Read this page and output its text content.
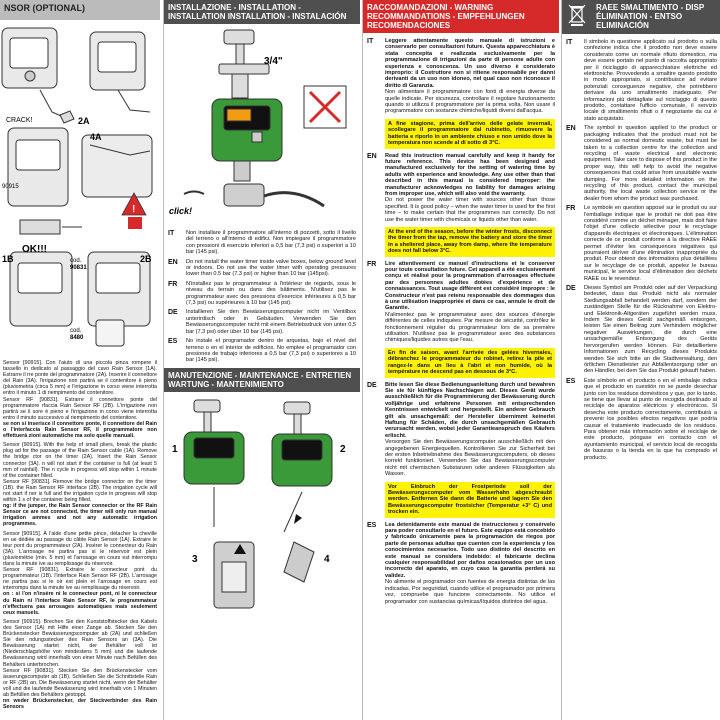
NSOR (OPTIONAL)
!
CRACK!	2A
4A
90915
OK!!!
1B	2B
cod.
90831
cod.
8480
Sensor [90915]. Con l'aiuto di una piccola pinza rompere il tassello in dedicato al passaggio del cavo Rain Sensor (1A). Estrarre il rre ponte del programmatore (2A). Inserire il connettore del Rain (3A). l'irrigazione non partirà se il contenitore è pieno (pluviometria (circa 5 mm) e l'irrigazione in corso viene interrotta entro il minuto 1 di riempimento del contenitore.
Sensor RF [90831]. Estrarre il connettore ponte del programmatore rfaccia Rain Sensor RF (2B). L'irrigazione non partirà se il sore è pieno e l'irrigazione in corso viene interrotta entro il minuto successivo al riempimento del contenitore.
se non si inserisce il connettore ponte, il connettore del Rain o l'interfaccia Rain Sensor RF, il programmatore non effettuerà zioni automatiche ma solo quelle manuali.
Sensor [90915]. With the help of small pliers, break the plastic plug ad for the passage of the Rain Sensor cable (1A). Remove the bridge ctor on the timer (2A). Insert the Rain Sensor connector (3A). n will not start if the container is full (at least 5 mm of rainfall). The n cycle in progress will stop within 1 minute of the container filled.
Sensor RF [90831]. Remove the bridge connector on the timer (1B). the Rain Sensor RF interface (2B). The irrigation cycle will not start if ner is full and the irrigation cycle in progress will stop within 1 s of the container being filled.
ng: if the jumper, the Rain Sensor connector or the RF Rain Sensor ce are not connected, the timer will only run manual irrigation ammes and not any automatic irrigation programmes.
Sensor [90915]. À l'aide d'une petite pince, détacher la cheville en ue dédiée au passage du câble Rain Sensor (1A). Extraire le teur pont du programmateur (2A). Insérer le connecteur du Rain (3A). L'arrosage ne partira pas si le réservoir est plein (pluviométrie (min. 5 mm) et l'arrosage en cours est interrompu dans la minute ive au remplissage du réservoir.
Sensor RF [90831]. Extraire le connecteur pont du programmateur (1B). l'interface Rain Sensor RF (2B). L'arrosage ne partira pas si le oir est plein et l'arrosage en cours est interrompu dans la minute ive au remplissage du réservoir.
on : si l'on n'insère ni le connecteur pont, ni le connecteur du Rain ni l'interface Rain Sensor RF, le programmateur n'effectuera pas arrosages automatiques mais seulement ceux manuels.
Sensor [90915]. Brechen Sie den Kunststoffstecker des Kabels des Sensor (1A) mit Hilfe einer Zange ab. Stecken Sie den Brückenstecker Bewässerungscomputer ab (2A) und schließen Sie den ndungsstecker des Rain Sensors an (3A). Die Bewässerung startet nicht, der Behälter voll ist (Niederschlagshöhe von mindestens 5 mm) und die laufende Bewässerung wird innerhalb von einer Minute nach Befüllen des Behälters unterbrochen.
Sensor RF [90831]. Stecken Sie den Brückenstecker vom ässerungscomputer ab (1B). Schließen Sie die Schnittstelle Rain or RF (2B) an. Die Bewässerung startet nicht, wenn der Behälter voll und die laufende Bewässerung wird innerhalb von 1 Minuten ab Befüllen des Behälters gestoppt.
nn weder Brückenstecker, der Steckverbinder des Rain Sensors
INSTALLAZIONE - INSTALLATION - INSTALLATION INSTALLATION - INSTALACIÓN
3/4"
click!
IT	Non installare il programmatore all'interno di pozzetti, sotto il livello del terreno o all'interno di edifici. Non impiegare il programmatore con pressioni di esercizio inferiori a 0,5 bar (7,3 psi) o superiori a 10 bar (145 psi).
EN	Do not install the water timer inside valve boxes, below ground level or indoors. Do not use the water timer with operating pressures lower than 0.5 bar (7.3 psi) or higher than 10 bar (145psi).
FR	N'installez pas le programmateur à l'intérieur de regards, sous le niveau du terrain ou dans des bâtiments. N'utilisez pas le programmateur avec des pressions d'exercice inférieures à 0,5 bar (7,3 psi) ou supérieures à 10 bar (145 psi).
DE	Installieren Sie den Bewässerungscomputer nicht im Ventilbox unterirdisch oder in Gebäuden. Verwenden Sie den Bewässerungscomputer nicht mit einem Betriebsdruck von unter 0,5 bar (7,3 psi) oder über 10 bar (145 psi).
ES	No instale el programador dentro de arquetas, bajo el nivel del terreno o en el interior de edificios. No emplee el programador con presiones de trabajo inferiores a 0,5 bar (7,3 psi) o superiores a 10 bar (145 psi).
MANUTENZIONE - MAINTENANCE - ENTRETIEN WARTUNG - MANTENIMIENTO
1	2
3	4
RACCOMANDAZIONI - WARNING RECOMMANDATIONS - EMPFEHLUNGEN RECOMENDACIONES
IT	Leggere attentamente questo manuale di istruzioni e conservarlo per consultazioni future. Questa apparecchiatura è stata concepita e realizzata esclusivamente per la programmazione di irrigazioni da parte di persone adulte con esperienza e conoscenza. Un uso diverso è considerato improprio: il Costruttore non si ritiene responsabile per danni derivanti da un uso non idoneo, nel qual caso non riconosce il diritto di Garanzia.
Non alimentare il programmatore con fonti di energia diverse da quelle indicate. Per sicurezza, controllare il regolare funzionamento quando si utilizza il programmatore per la prima volta. Non usare il programmatore con sostanze chimiche/liquidi diversi dall'acqua.
A fine stagione, prima dell'arrivo delle gelate invernali, scollegare il programmatore dal rubinetto, rimuovere la batteria e riporlo in un ambiente chiuso e non umido dove la temperatura non scende al di sotto di 3°C.
EN	Read this instruction manual carefully and keep it handy for future reference. This device has been designed and manufactured exclusively for the setting of watering time by adults with experience and knowledge. Any use other than that described in this manual is considered improper: the manufacturer acknowledges no liability for damages arising from improper use, which will also void the warranty.
Do not power the water timer with sources other than those specified. It is good policy – when the water timer is used for the first time – to make certain that the programmes run correctly. Do not use the water timer with chemicals or liquids other than water.
At the end of the season, before the winter frosts, disconnect the timer from the tap, remove the battery and store the timer in a sheltered place, away from damp, where the temperature does not fall below 3°C.
FR	Lire attentivement ce manuel d'instructions et le conserver pour toute consultation future. Cet appareil a été exclusivement conçu et réalisé pour la programmation d'arrosages effectuée par des personnes adultes dotées d'expérience et de connaissances. Tout usage différent est considéré impropre : le Constructeur n'est pas retenu responsable des dommages dus à une utilisation inappropriée et dans ce cas, annule le droit de Garantie.
N'alimentez pas le programmateur avec des sources d'énergie différentes de celles indiquées. Par mesure de sécurité, contrôlez le fonctionnement régulier du programmateur lors de sa première utilisation. N'utilisez pas le programmateur avec des substances chimiques/liquides autres que l'eau.
En fin de saison, avant l'arrivée des gelées hivernales, débranchez le programmateur du robinet, retirez la pile et rangez-le dans un lieu à l'abri et non humide, où la température ne descend pas en dessous de 3°C.
DE	Bitte lesen Sie diese Bedienungsanleitung durch und bewahren Sie sie für künftiges Nachschlagen auf. Dieses Gerät wurde ausschließlich für die Programmierung der Bewässerung durch volljährige und erfahrene Personen mit entsprechenden Kenntnissen entwickelt und hergestellt. Ein anderer Gebrauch gilt als unsachgemäß: der Hersteller übernimmt keinerlei Haftung für Schäden, die durch unsachgemäßen Gebrauch verursacht werden, wobei jeder Garantieanspruch des Käufers erlischt.
Versorgen Sie den Bewässerungscomputer ausschließlich mit den angegebenen Energiequellen. Kontrollieren Sie zur Sicherheit bei der ersten Inbetriebnahme des Bewässerungscomputers, ob dieses korrekt funktioniert. Verwenden Sie das Bewässerungscomputer nicht mit chemischen Substanzen oder anderen Flüssigkeiten als Wasser.
Vor Einbruch der Frostperiode soll der Bewässerungscomputer vom Wasserhahn abgeschraubt werden. Entfernen Sie dann die Batterie und lagern Sie den Bewässerungscomputer frostsicher (Temperatur +3° C) und trocken ein.
ES	Lea detenidamente este manual de instrucciones y consérvelo para poder consultarlo en el futuro. Este equipo está concebido y fabricado únicamente para la programación de riegos por parte de personas adultas que cuenten con la experiencia y los conocimientos necesarios. Todo uso distinto del descrito en este manual se considera indebido: el fabricante declina cualquier responsabilidad por daños ocasionados por un uso incorrecto del aparato, en cuyo caso la garantía perderá su validez.
No alimente el programador con fuentes de energía distintas de las indicadas. Por seguridad, cuando utilice el programador por primera vez, compruebe que funcione correctamente. No utilice el programador con sustancias químicas/líquidos distintos del agua.
RAEE SMALTIMENTO - DISP ÉLIMINATION - ENTSO ELIMINACIÓN
IT	Il simbolo in questione applicato sul prodotto o sulla confezione indica che il prodotto non deve essere considerato come un normale rifiuto domestico, ma deve essere portato nel punto di raccolta appropriato per il riciclaggio di apparecchiature elettriche ed elettroniche. Provvedendo a smaltire questo prodotto in modo appropriato, si contribuisce ad evitare potenziali conseguenze negative, che potrebbero derivare da uno smaltimento inadeguato. Per informazioni più dettagliate sul riciclaggio di questo prodotto, contattare l'ufficio comunale, il servizio locale di smaltimento rifiuti o il negoziante da cui è stato acquistato.
EN	The symbol in question applied to the product or packaging indicates that the product must not be considered as normal domestic waste, but must be taken to a collection centre for the collection and recycling of waste electrical and electronic equipment. Take care to dispose of this product in the proper way, this will help to avoid the negative consequences that could arise from unsuitable waste dumping. For more detailed information on the recycling of this product, contact the municipal authority, the local waste collection service or the dealer from whom the product was purchased.
FR	Le symbole en question apposé sur le produit ou sur l'emballage indique que le produit ne doit pas être considéré comme un déchet ménager, mais doit faire l'objet d'une collecte sélective pour le recyclage d'appareils électriques et électroniques. L'élimination correcte de ce produit conforme à la directive RAEE permet d'éviter les conséquences négatives qui pourraient dériver d'une élimination inappropriée du produit. Pour obtenir des informations plus détaillées sur le recyclage de ce produit, appelez le bureau municipal, le service local d'élimination des déchets RAEE ou le revendeur.
DE	Dieses Symbol am Produkt oder auf der Verpackung bedeutet, dass das Produkt nicht als normaler Siedlungsabfall behandelt werden darf, sondern der zuständigen Stelle für die Rücknahme von Elektro- und Elektronik-Altgeräten zugeführt werden muss. Indem Sie dieses Gerät sachgemäß entsorgen, leisten Sie einen Beitrag zum Verhindern möglicher negativer Auswirkungen, die durch eine unsachgemäße Entsorgung des Geräts hervorgerufen werden können. Für detailliertere Informationen zum Recycling dieses Produkts wenden Sie sich bitte an die Stadtverwaltung, den örtlichen Dienstleister zur Abfallentsorgung oder an den Händler, bei dem Sie das Produkt gekauft haben.
ES	Este símbolo en el producto o en el embalaje indica que el producto en cuestión no se puede desechar junto con los residuos domésticos y que, por lo tanto, se tiene que llevar al punto de recogida destinado al reciclaje de aparatos eléctricos y electrónicos. Si desecha este producto correctamente, contribuirá a prevenir los posibles efectos negativos que podría causar el tratamiento inadecuado de los residuos. Para obtener más información sobre el reciclaje de este producto, póngase en contacto con el ayuntamiento municipal, el servicio local de recogida de basuras o la tienda en la que ha comprado el producto.
